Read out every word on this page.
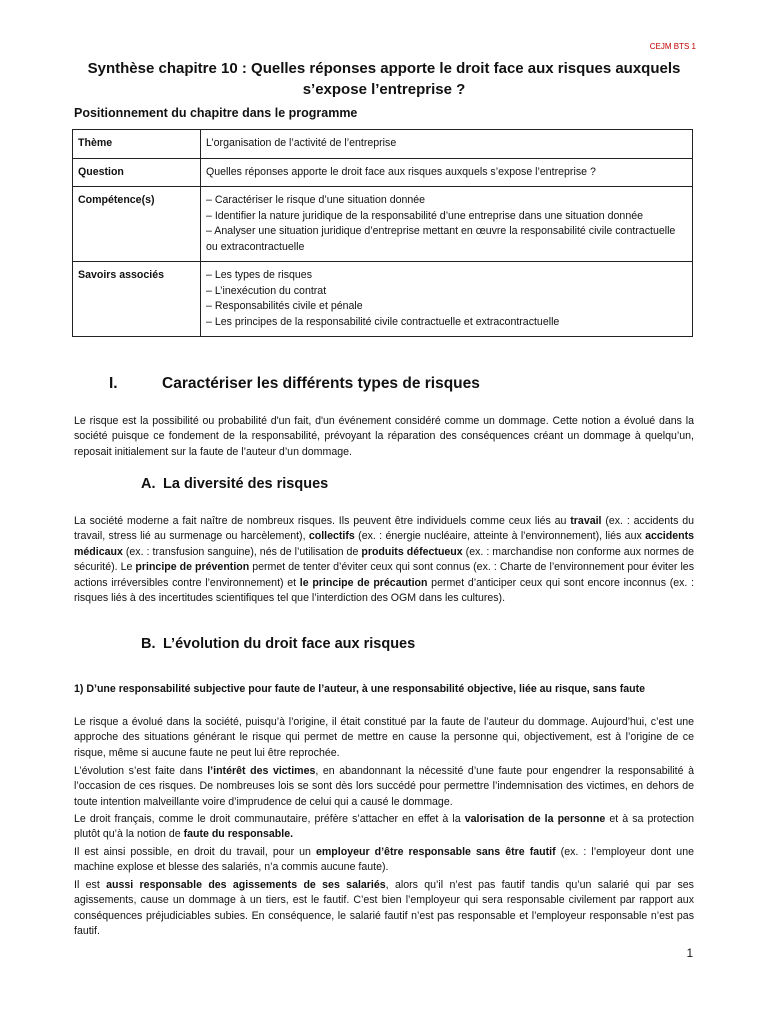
CEJM BTS 1
Synthèse chapitre 10 : Quelles réponses apporte le droit face aux risques auxquels s’expose l’entreprise ?
Positionnement du chapitre dans le programme
Thème	L’organisation de l’activité de l’entreprise

Question	Quelles réponses apporte le droit face aux risques auxquels s’expose l’entreprise ?

Compétence(s)	– Caractériser le risque d’une situation donnée
– Identifier la nature juridique de la responsabilité d’une entreprise dans une situation donnée
– Analyser une situation juridique d’entreprise mettant en œuvre la responsabilité civile contractuelle ou extracontractuelle

Savoirs associés	– Les types de risques
– L’inexécution du contrat
– Responsabilités civile et pénale
– Les principes de la responsabilité civile contractuelle et extracontractuelle
I.	Caractériser les différents types de risques

Le risque est la possibilité ou probabilité d'un fait, d'un événement considéré comme un dommage. Cette notion a évolué dans la société puisque ce fondement de la responsabilité, prévoyant la réparation des conséquences créant un dommage à quelqu’un, reposait initialement sur la faute de l’auteur d’un dommage.

A. La diversité des risques

La société moderne a fait naître de nombreux risques. Ils peuvent être individuels comme ceux liés au travail (ex. : accidents du travail, stress lié au surmenage ou harcèlement), collectifs (ex. : énergie nucléaire, atteinte à l’environnement), liés aux accidents médicaux (ex. : transfusion sanguine), nés de l’utilisation de produits défectueux (ex. : marchandise non conforme aux normes de sécurité). Le principe de prévention permet de tenter d’éviter ceux qui sont connus (ex. : Charte de l’environnement pour éviter les actions irréversibles contre l’environnement) et le principe de précaution permet d’anticiper ceux qui sont encore inconnus (ex. : risques liés à des incertitudes scientifiques tel que l’interdiction des OGM dans les cultures).

B. L’évolution du droit face aux risques
1) D’une responsabilité subjective pour faute de l’auteur, à une responsabilité objective, liée au risque, sans faute

Le risque a évolué dans la société, puisqu’à l’origine, il était constitué par la faute de l’auteur du dommage. Aujourd’hui, c’est une approche des situations générant le risque qui permet de mettre en cause la personne qui, objectivement, est à l’origine de ce risque, même si aucune faute ne peut lui être reprochée.

L’évolution s’est faite dans l’intérêt des victimes, en abandonnant la nécessité d’une faute pour engendrer la responsabilité à l’occasion de ces risques. De nombreuses lois se sont dès lors succédé pour permettre l’indemnisation des victimes, en dehors de toute intention malveillante voire d’imprudence de celui qui a causé le dommage.

Le droit français, comme le droit communautaire, préfère s’attacher en effet à la valorisation de la personne et à sa protection plutôt qu’à la notion de faute du responsable.

Il est ainsi possible, en droit du travail, pour un employeur d’être responsable sans être fautif (ex. : l’employeur dont une machine explose et blesse des salariés, n’a commis aucune faute).

Il est aussi responsable des agissements de ses salariés, alors qu’il n’est pas fautif tandis qu’un salarié qui par ses agissements, cause un dommage à un tiers, est le fautif. C’est bien l’employeur qui sera responsable civilement par rapport aux conséquences préjudiciables subies. En conséquence, le salarié fautif n’est pas responsable et l’employeur responsable n’est pas fautif.

1
